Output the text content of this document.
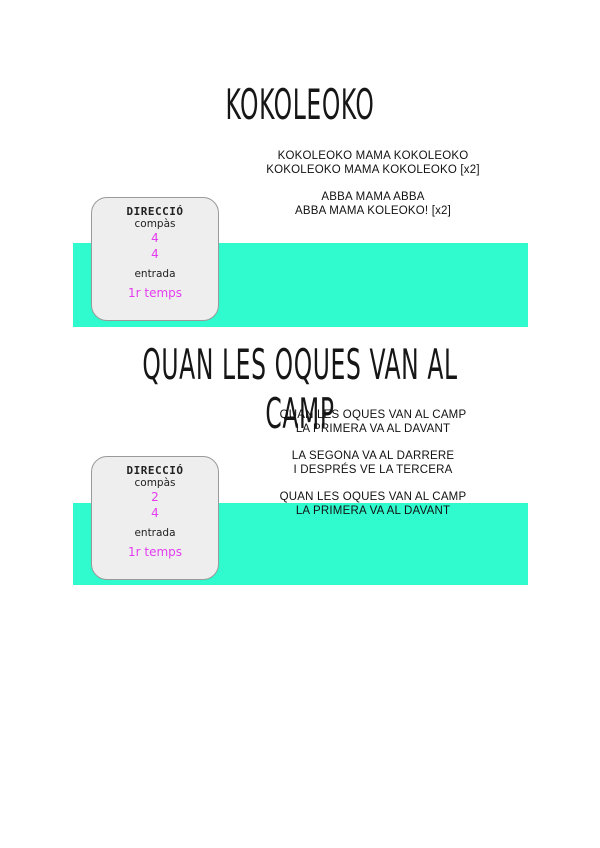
KOKOLEOKO
KOKOLEOKO MAMA KOKOLEOKO
KOKOLEOKO MAMA KOKOLEOKO [x2]
ABBA MAMA ABBA
ABBA MAMA KOLEOKO! [x2]
DIRECCIÓ
compàs
4
4
entrada
1r temps
QUAN LES OQUES VAN AL CAMP
QUAN LES OQUES VAN AL CAMP
LA PRIMERA VA AL DAVANT
LA SEGONA VA AL DARRERE
I DESPRÉS VE LA TERCERA
QUAN LES OQUES VAN AL CAMP
LA PRIMERA VA AL DAVANT
DIRECCIÓ
compàs
2
4
entrada
1r temps
